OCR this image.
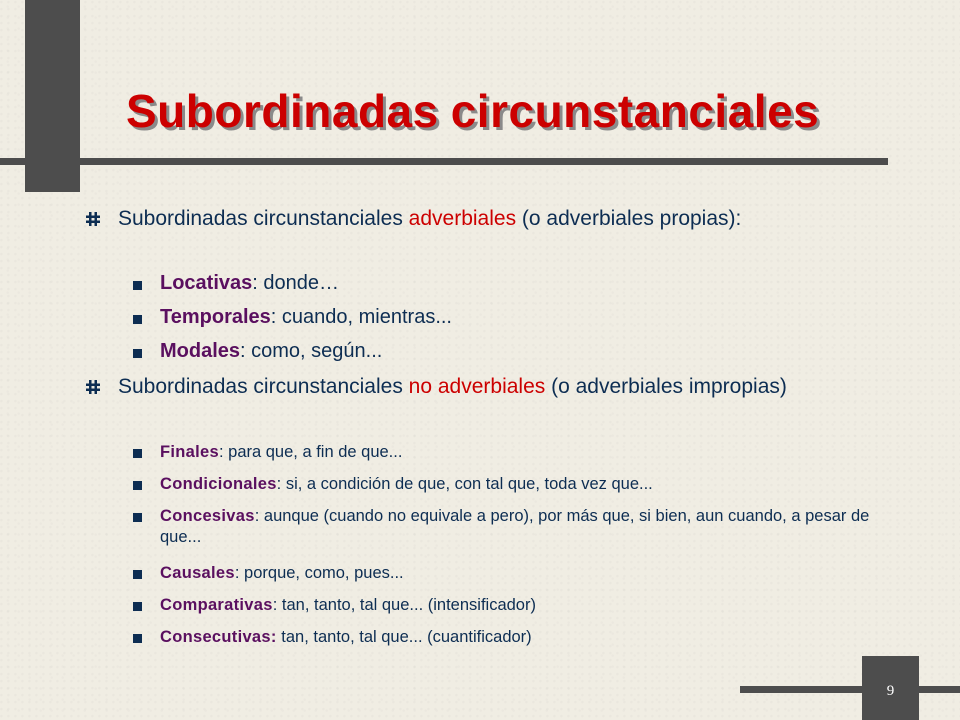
Subordinadas circunstanciales
Subordinadas circunstanciales adverbiales (o adverbiales propias):
Locativas: donde…
Temporales: cuando, mientras...
Modales: como, según...
Subordinadas circunstanciales no adverbiales (o adverbiales impropias)
Finales: para que, a fin de que...
Condicionales: si, a condición de que, con tal que, toda vez que...
Concesivas: aunque (cuando no equivale a pero), por más que, si bien, aun cuando, a pesar de que...
Causales: porque, como, pues...
Comparativas: tan, tanto, tal que... (intensificador)
Consecutivas: tan, tanto, tal que... (cuantificador)
9
